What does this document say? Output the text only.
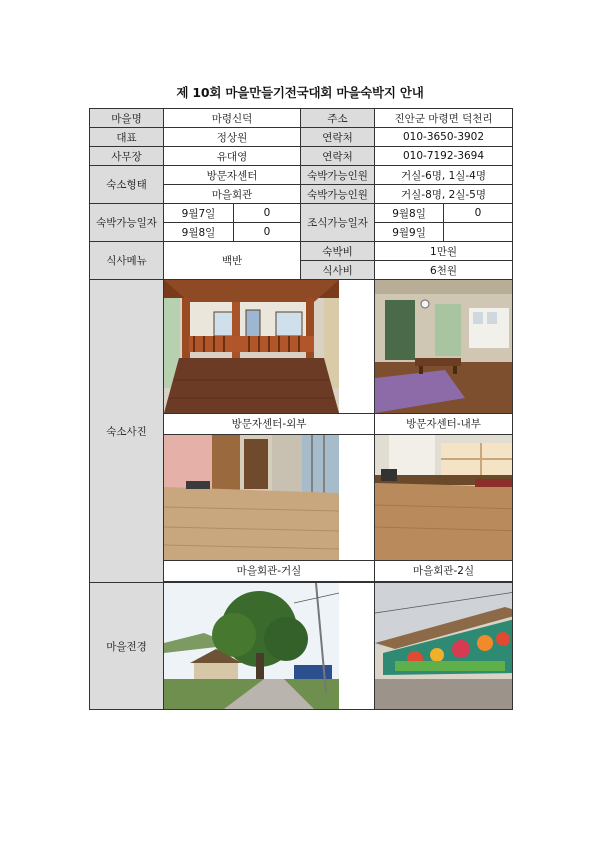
제 10회 마을만들기전국대회 마을숙박지 안내
마을명	마령신덕		주소	진안군 마령면 덕천리	
대표	정상원		연락처	010-3650-3902	
사무장	유대영		연락처	010-7192-3694	
숙소형태	방문자센터		숙박가능인원	거실-6명, 1실-4명	
	마을회관		숙박가능인원	거실-8명, 2실-5명	
숙박가능일자	9월7일	0	조식가능일자	9월8일	0
	9월8일	0		9월9일	
식사메뉴	백반		숙박비	1만원	
			식사비	6천원	
숙소사진	방문자센터-외부			방문자센터-내부	

	마을회관-거실			마을회관-2실	

마을전경	
